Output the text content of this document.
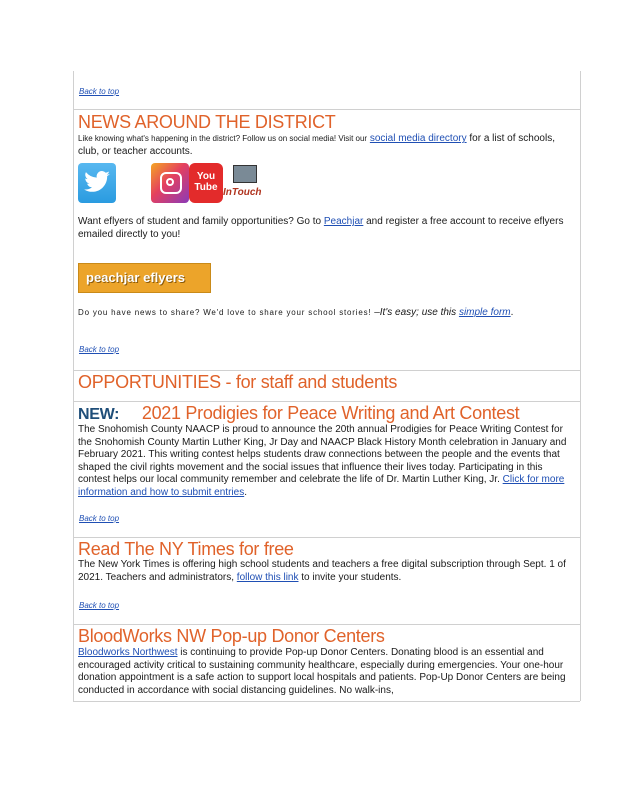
Back to top
NEWS AROUND THE DISTRICT
Like knowing what's happening in the district? Follow us on social media! Visit our social media directory for a list of schools, club, or teacher accounts.
You
Tube InTouch
Want eflyers of student and family opportunities? Go to Peachjar and register a free account to receive eflyers emailed directly to you!
peachjar eflyers
Do you have news to share? We'd love to share your school stories! –It's easy; use this simple form.
Back to top
OPPORTUNITIES - for staff and students
NEW: 2021 Prodigies for Peace Writing and Art Contest
The Snohomish County NAACP is proud to announce the 20th annual Prodigies for Peace Writing Contest for the Snohomish County Martin Luther King, Jr Day and NAACP Black History Month celebration in January and February 2021. This writing contest helps students draw connections between the people and the events that shaped the civil rights movement and the social issues that influence their lives today. Participating in this contest helps our local community remember and celebrate the life of Dr. Martin Luther King, Jr. Click for more information and how to submit entries.
Back to top
Read The NY Times for free
The New York Times is offering high school students and teachers a free digital subscription through Sept. 1 of 2021. Teachers and administrators, follow this link to invite your students.
Back to top
BloodWorks NW Pop-up Donor Centers
Bloodworks Northwest is continuing to provide Pop-up Donor Centers. Donating blood is an essential and encouraged activity critical to sustaining community healthcare, especially during emergencies. Your one-hour donation appointment is a safe action to support local hospitals and patients. Pop-Up Donor Centers are being conducted in accordance with social distancing guidelines. No walk-ins,
